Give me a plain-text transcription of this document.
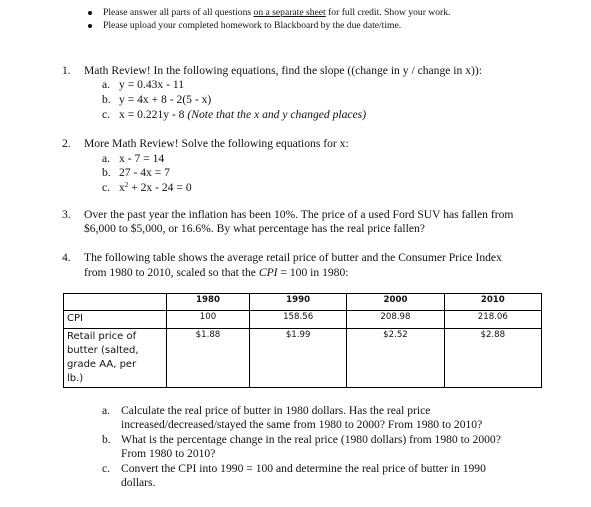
Please answer all parts of all questions on a separate sheet for full credit. Show your work.
Please upload your completed homework to Blackboard by the due date/time.
1. Math Review! In the following equations, find the slope ((change in y / change in x)):
a. y = 0.43x - 11
b. y = 4x + 8 - 2(5 - x)
c. x = 0.221y - 8 (Note that the x and y changed places)
2. More Math Review! Solve the following equations for x:
a. x - 7 = 14
b. 27 - 4x = 7
c. $x^2 + 2x - 24 = 0$
3. Over the past year the inflation has been 10%. The price of a used Ford SUV has fallen from
$6,000 to $5,000, or 16.6%. By what percentage has the real price fallen?
4. The following table shows the average retail price of butter and the Consumer Price Index
from 1980 to 2010, scaled so that the CPI = 100 in 1980:
	1980	1990	2000	2010
CPI	100	158.56	208.98	218.06

Retail price of
butter (salted,
grade AA, per
lb.)	$1.88	$1.99	$2.52	$2.88
a. Calculate the real price of butter in 1980 dollars. Has the real price
increased/decreased/stayed the same from 1980 to 2000? From 1980 to 2010?
b. What is the percentage change in the real price (1980 dollars) from 1980 to 2000?
From 1980 to 2010?
c. Convert the CPI into 1990 = 100 and determine the real price of butter in 1990
dollars.
